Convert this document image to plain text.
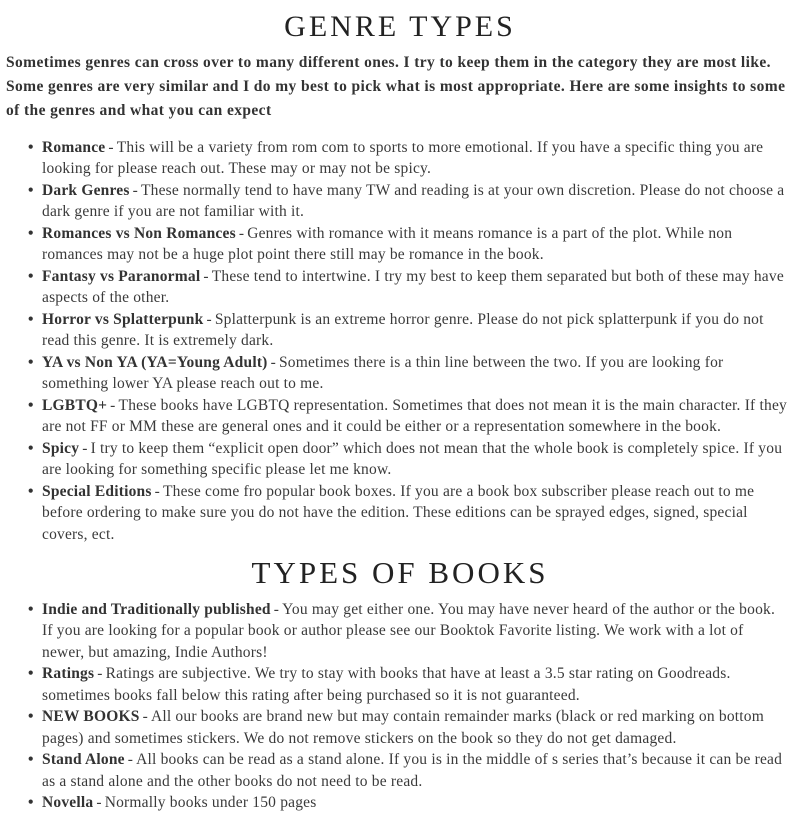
GENRE TYPES

Sometimes genres can cross over to many different ones. I try to keep them in the category they are most like. Some genres are very similar and I do my best to pick what is most appropriate. Here are some insights to some of the genres and what you can expect

• Romance - This will be a variety from rom com to sports to more emotional. If you have a specific thing you are looking for please reach out. These may or may not be spicy.
• Dark Genres - These normally tend to have many TW and reading is at your own discretion. Please do not choose a dark genre if you are not familiar with it.
• Romances vs Non Romances - Genres with romance with it means romance is a part of the plot. While non romances may not be a huge plot point there still may be romance in the book.
• Fantasy vs Paranormal - These tend to intertwine. I try my best to keep them separated but both of these may have aspects of the other.
• Horror vs Splatterpunk - Splatterpunk is an extreme horror genre. Please do not pick splatterpunk if you do not read this genre. It is extremely dark.
• YA vs Non YA (YA=Young Adult) - Sometimes there is a thin line between the two. If you are looking for something lower YA please reach out to me.
• LGBTQ+ - These books have LGBTQ representation. Sometimes that does not mean it is the main character. If they are not FF or MM these are general ones and it could be either or a representation somewhere in the book.
• Spicy - I try to keep them “explicit open door” which does not mean that the whole book is completely spice. If you are looking for something specific please let me know.
• Special Editions - These come fro popular book boxes. If you are a book box subscriber please reach out to me before ordering to make sure you do not have the edition. These editions can be sprayed edges, signed, special covers, ect.
TYPES OF BOOKS
• Indie and Traditionally published - You may get either one. You may have never heard of the author or the book. If you are looking for a popular book or author please see our Booktok Favorite listing. We work with a lot of newer, but amazing, Indie Authors!
• Ratings - Ratings are subjective. We try to stay with books that have at least a 3.5 star rating on Goodreads. sometimes books fall below this rating after being purchased so it is not guaranteed.
• NEW BOOKS - All our books are brand new but may contain remainder marks (black or red marking on bottom pages) and sometimes stickers. We do not remove stickers on the book so they do not get damaged.
• Stand Alone - All books can be read as a stand alone. If you is in the middle of s series that’s because it can be read as a stand alone and the other books do not need to be read.
• Novella - Normally books under 150 pages
